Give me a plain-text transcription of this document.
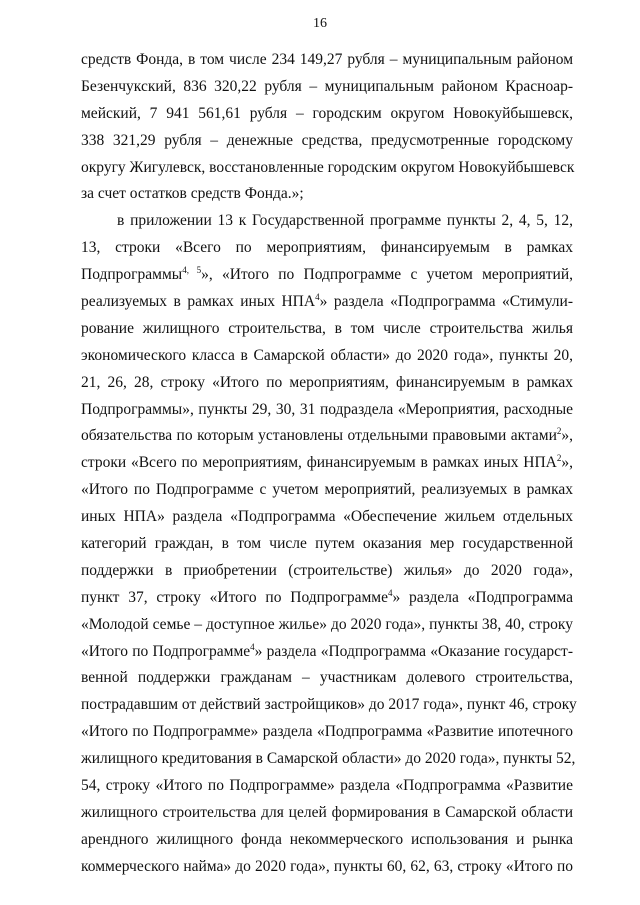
16
средств Фонда, в том числе 234 149,27 рубля – муниципальным районом
Безенчукский, 836 320,22 рубля – муниципальным районом Красноар-
мейский, 7 941 561,61 рубля – городским округом Новокуйбышевск,
338 321,29 рубля – денежные средства, предусмотренные городскому
округу Жигулевск, восстановленные городским округом Новокуйбышевск
за счет остатков средств Фонда.»;
в приложении 13 к Государственной программе пункты 2, 4, 5, 12,
13, строки «Всего по мероприятиям, финансируемым в рамках
Подпрограммы$^{4, 5}$», «Итого по Подпрограмме с учетом мероприятий,
реализуемых в рамках иных НПА$^4$» раздела «Подпрограмма «Стимули-
рование жилищного строительства, в том числе строительства жилья
экономического класса в Самарской области» до 2020 года», пункты 20,
21, 26, 28, строку «Итого по мероприятиям, финансируемым в рамках
Подпрограммы», пункты 29, 30, 31 подраздела «Мероприятия, расходные
обязательства по которым установлены отдельными правовыми актами$^2$»,
строки «Всего по мероприятиям, финансируемым в рамках иных НПА$^2$»,
«Итого по Подпрограмме с учетом мероприятий, реализуемых в рамках
иных НПА» раздела «Подпрограмма «Обеспечение жильем отдельных
категорий граждан, в том числе путем оказания мер государственной
поддержки в приобретении (строительстве) жилья» до 2020 года»,
пункт 37, строку «Итого по Подпрограмме$^4$» раздела «Подпрограмма
«Молодой семье – доступное жилье» до 2020 года», пункты 38, 40, строку
«Итого по Подпрограмме$^4$» раздела «Подпрограмма «Оказание государст-
венной поддержки гражданам – участникам долевого строительства,
пострадавшим от действий застройщиков» до 2017 года», пункт 46, строку
«Итого по Подпрограмме» раздела «Подпрограмма «Развитие ипотечного
жилищного кредитования в Самарской области» до 2020 года», пункты 52,
54, строку «Итого по Подпрограмме» раздела «Подпрограмма «Развитие
жилищного строительства для целей формирования в Самарской области
арендного жилищного фонда некоммерческого использования и рынка
коммерческого найма» до 2020 года», пункты 60, 62, 63, строку «Итого по
